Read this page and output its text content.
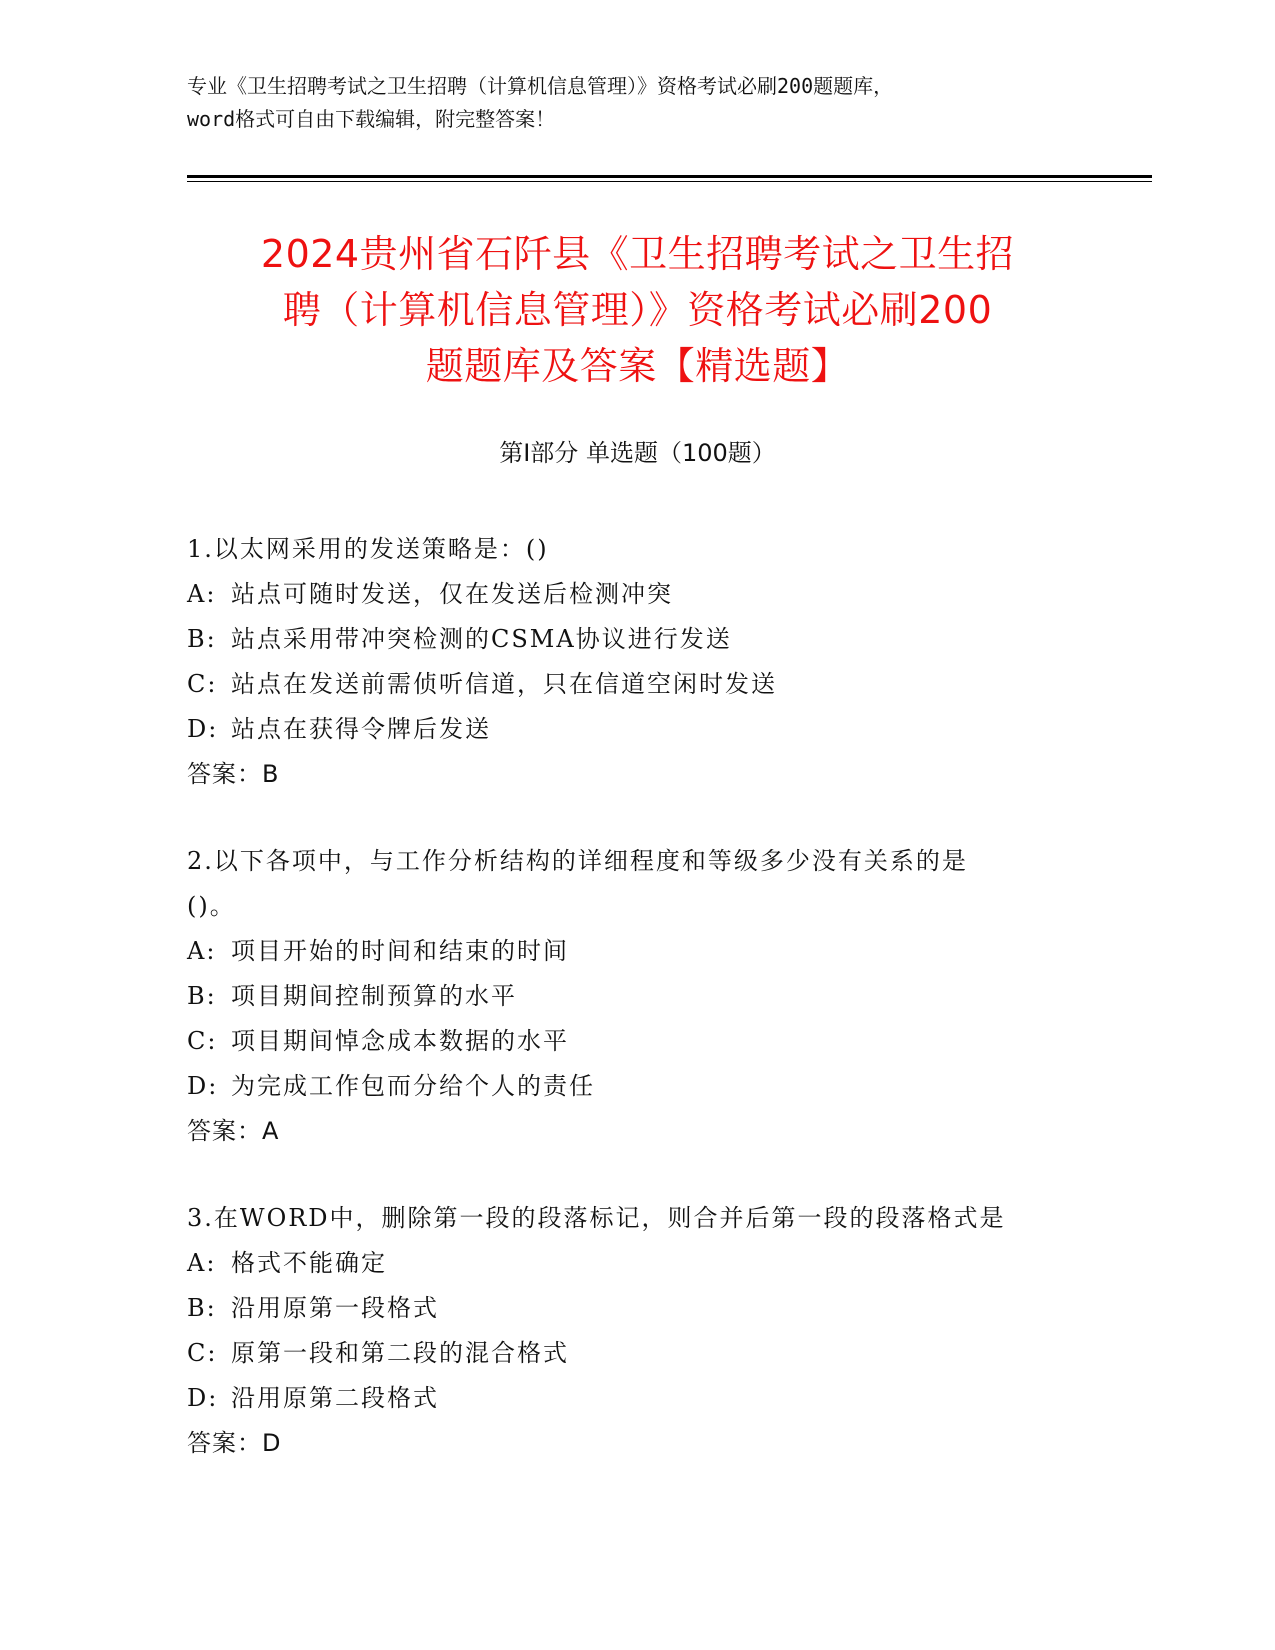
专业《卫生招聘考试之卫生招聘（计算机信息管理）》资格考试必刷200题题库，
word格式可自由下载编辑，附完整答案！
2024贵州省石阡县《卫生招聘考试之卫生招
聘（计算机信息管理）》资格考试必刷200
题题库及答案【精选题】
第I部分 单选题（100题）
1.以太网采用的发送策略是：()
A: 站点可随时发送，仅在发送后检测冲突
B: 站点采用带冲突检测的CSMA协议进行发送
C: 站点在发送前需侦听信道，只在信道空闲时发送
D: 站点在获得令牌后发送
答案：B
2.以下各项中，与工作分析结构的详细程度和等级多少没有关系的是
()。
A: 项目开始的时间和结束的时间
B: 项目期间控制预算的水平
C: 项目期间悼念成本数据的水平
D: 为完成工作包而分给个人的责任
答案：A
3.在WORD中，删除第一段的段落标记，则合并后第一段的段落格式是
A: 格式不能确定
B: 沿用原第一段格式
C: 原第一段和第二段的混合格式
D: 沿用原第二段格式
答案：D
